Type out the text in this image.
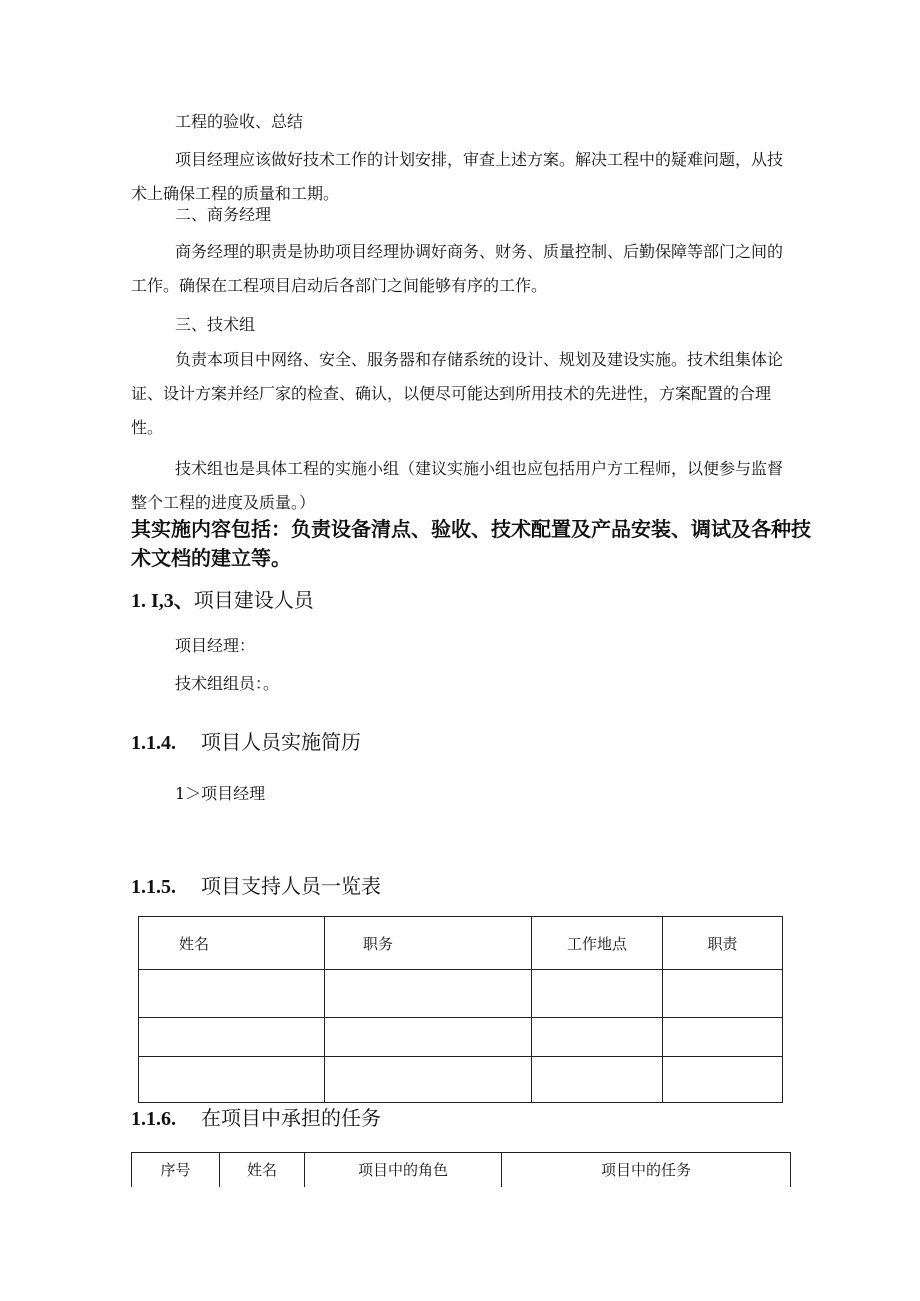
工程的验收、总结

项目经理应该做好技术工作的计划安排，审查上述方案。解决工程中的疑难问题，从技术上确保工程的质量和工期。

二、商务经理

商务经理的职责是协助项目经理协调好商务、财务、质量控制、后勤保障等部门之间的工作。确保在工程项目启动后各部门之间能够有序的工作。

三、技术组

负责本项目中网络、安全、服务器和存储系统的设计、规划及建设实施。技术组集体论证、设计方案并经厂家的检查、确认，以便尽可能达到所用技术的先进性，方案配置的合理性。

技术组也是具体工程的实施小组（建议实施小组也应包括用户方工程师，以便参与监督整个工程的进度及质量。）

其实施内容包括：负责设备清点、验收、技术配置及产品安装、调试及各种技术文档的建立等。

1. I,3、项目建设人员

项目经理：

技术组组员：。

1.1.4. 项目人员实施简历

1＞项目经理

1.1.5. 项目支持人员一览表
姓名	职务	工作地点	职责

1.1.6. 在项目中承担的任务
序号	姓名	项目中的角色	项目中的任务
